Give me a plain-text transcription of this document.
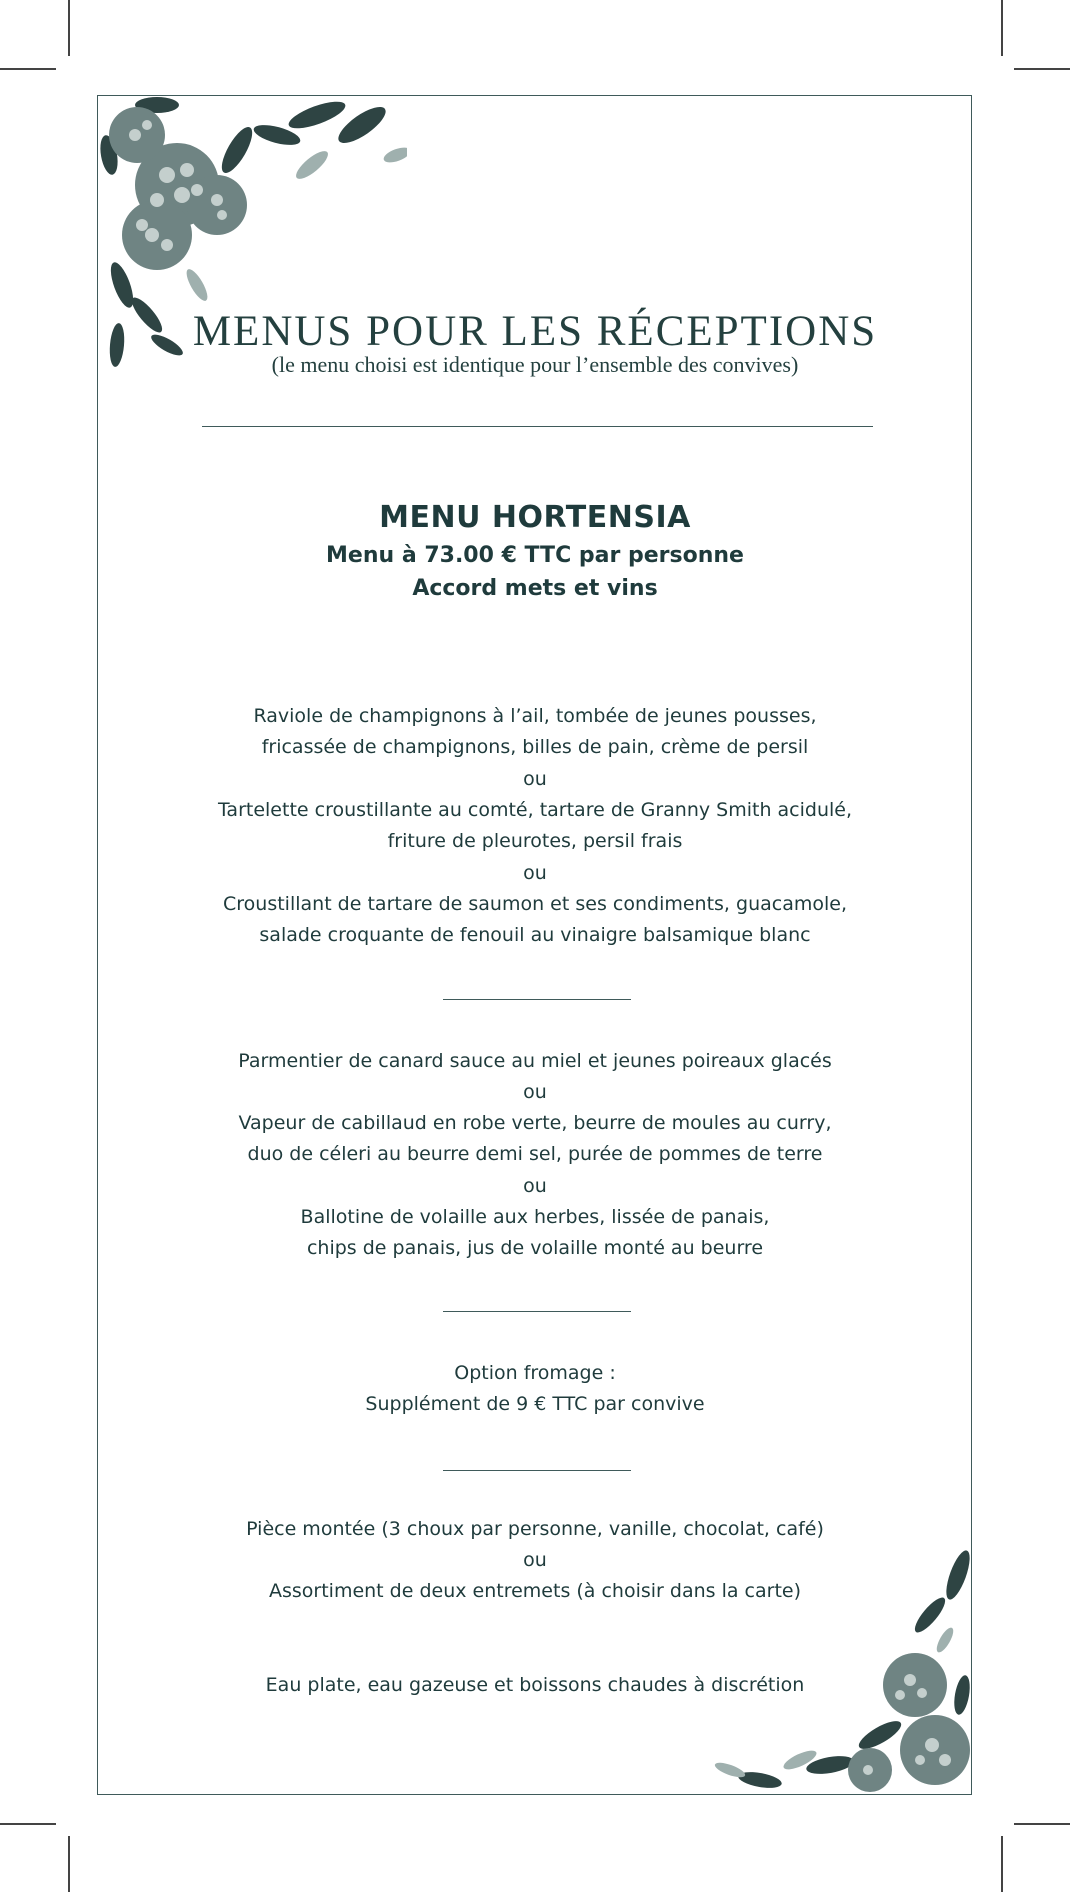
MENUS POUR LES RÉCEPTIONS
(le menu choisi est identique pour l’ensemble des convives)
MENU HORTENSIA
Menu à 73.00 € TTC par personne
Accord mets et vins
Raviole de champignons à l’ail, tombée de jeunes pousses,
fricassée de champignons, billes de pain, crème de persil
ou
Tartelette croustillante au comté, tartare de Granny Smith acidulé,
friture de pleurotes, persil frais
ou
Croustillant de tartare de saumon et ses condiments, guacamole,
salade croquante de fenouil au vinaigre balsamique blanc
Parmentier de canard sauce au miel et jeunes poireaux glacés
ou
Vapeur de cabillaud en robe verte, beurre de moules au curry,
duo de céleri au beurre demi sel, purée de pommes de terre
ou
Ballotine de volaille aux herbes, lissée de panais,
chips de panais, jus de volaille monté au beurre
Option fromage :
Supplément de 9 € TTC par convive
Pièce montée (3 choux par personne, vanille, chocolat, café)
ou
Assortiment de deux entremets (à choisir dans la carte)
Eau plate, eau gazeuse et boissons chaudes à discrétion
